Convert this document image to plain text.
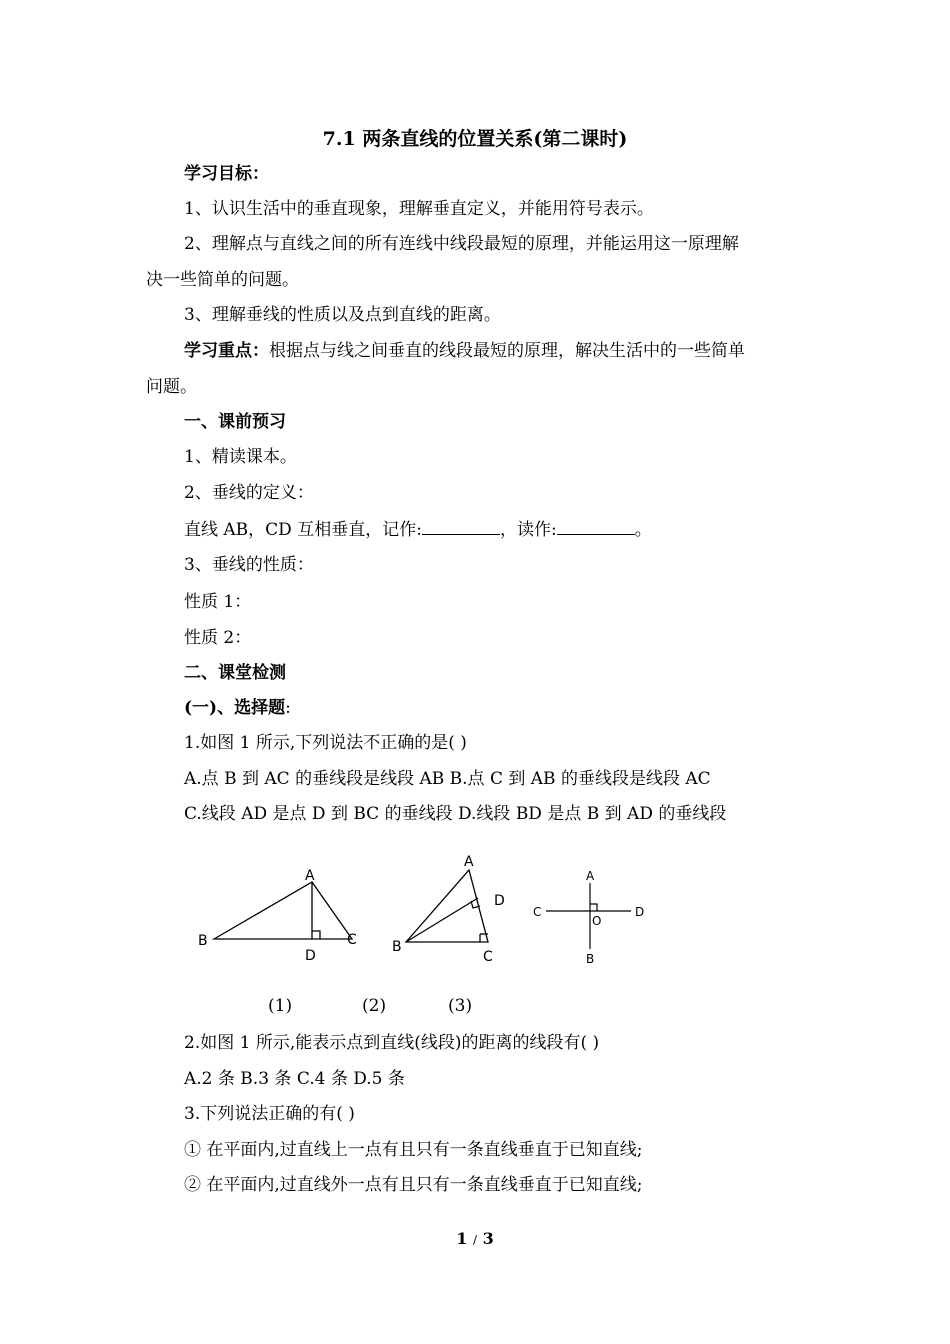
7.1 两条直线的位置关系(第二课时)
学习目标：
1、认识生活中的垂直现象，理解垂直定义，并能用符号表示。
2、理解点与直线之间的所有连线中线段最短的原理，并能运用这一原理解
决一些简单的问题。
3、理解垂线的性质以及点到直线的距离。
学习重点：根据点与线之间垂直的线段最短的原理，解决生活中的一些简单
问题。
一、课前预习
1、精读课本。
2、垂线的定义：
直线 AB，CD 互相垂直，记作:	，读作:	。
3、垂线的性质：
性质 1：
性质 2：
二、课堂检测
(一)、选择题:
1.如图 1 所示,下列说法不正确的是( )
A.点 B 到 AC 的垂线段是线段 AB B.点 C 到 AB 的垂线段是线段 AC
C.线段 AD 是点 D 到 BC 的垂线段 D.线段 BD 是点 B 到 AD 的垂线段
A
B	C
D
A
B
C
D
A
B
C	D
O
(1)	(2)	(3)
2.如图 1 所示,能表示点到直线(线段)的距离的线段有( )
A.2 条 B.3 条 C.4 条 D.5 条
3.下列说法正确的有( )
① 在平面内,过直线上一点有且只有一条直线垂直于已知直线;
② 在平面内,过直线外一点有且只有一条直线垂直于已知直线;
1 / 3
